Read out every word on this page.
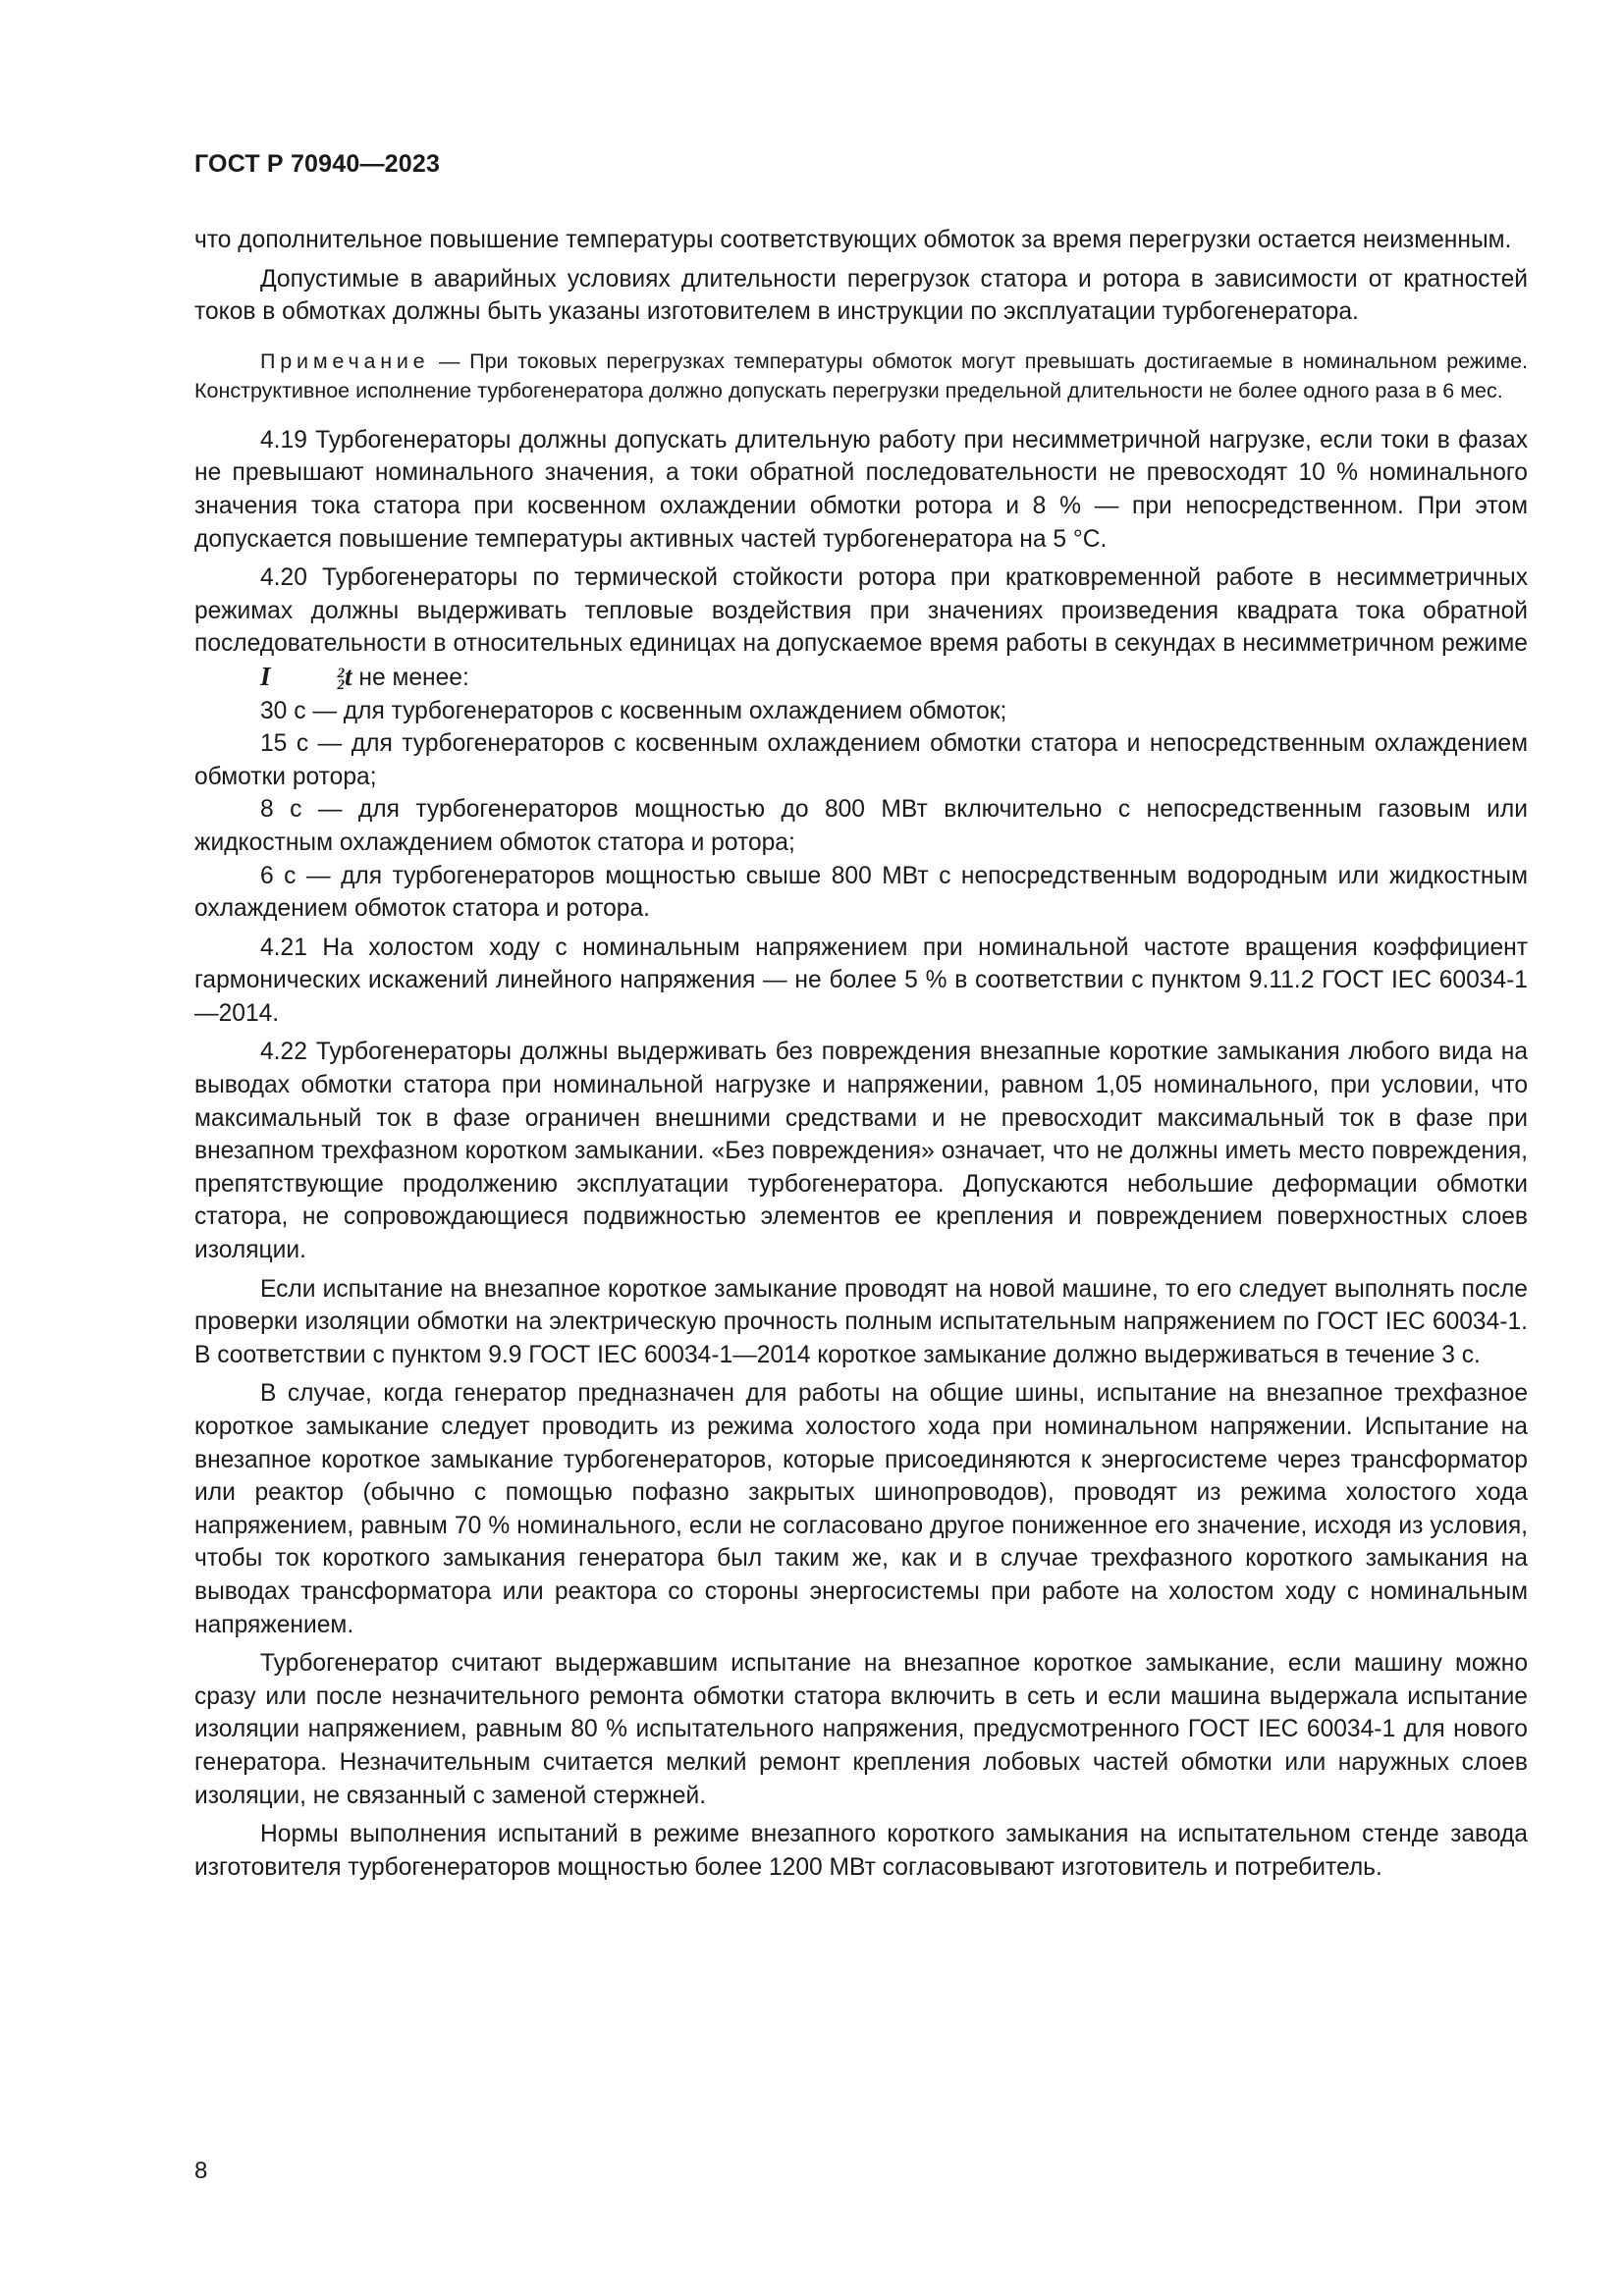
ГОСТ Р 70940—2023

что дополнительное повышение температуры соответствующих обмоток за время перегрузки остается неизменным.

Допустимые в аварийных условиях длительности перегрузок статора и ротора в зависимости от кратностей токов в обмотках должны быть указаны изготовителем в инструкции по эксплуатации турбогенератора.

Примечание — При токовых перегрузках температуры обмоток могут превышать достигаемые в номинальном режиме. Конструктивное исполнение турбогенератора должно допускать перегрузки предельной длительности не более одного раза в 6 мес.

4.19 Турбогенераторы должны допускать длительную работу при несимметричной нагрузке, если токи в фазах не превышают номинального значения, а токи обратной последовательности не превосходят 10 % номинального значения тока статора при косвенном охлаждении обмотки ротора и 8 % — при непосредственном. При этом допускается повышение температуры активных частей турбогенератора на 5 °С.

4.20 Турбогенераторы по термической стойкости ротора при кратковременной работе в несимметричных режимах должны выдерживать тепловые воздействия при значениях произведения квадрата тока обратной последовательности в относительных единицах на допускаемое время работы в секундах в несимметричном режиме I	2
2 t не менее:

30 с — для турбогенераторов с косвенным охлаждением обмоток;

15 с — для турбогенераторов с косвенным охлаждением обмотки статора и непосредственным охлаждением обмотки ротора;

8 с — для турбогенераторов мощностью до 800 МВт включительно с непосредственным газовым или жидкостным охлаждением обмоток статора и ротора;

6 с — для турбогенераторов мощностью свыше 800 МВт с непосредственным водородным или жидкостным охлаждением обмоток статора и ротора.

4.21 На холостом ходу с номинальным напряжением при номинальной частоте вращения коэффициент гармонических искажений линейного напряжения — не более 5 % в соответствии с пунктом 9.11.2 ГОСТ IEC 60034-1—2014.

4.22 Турбогенераторы должны выдерживать без повреждения внезапные короткие замыкания любого вида на выводах обмотки статора при номинальной нагрузке и напряжении, равном 1,05 номинального, при условии, что максимальный ток в фазе ограничен внешними средствами и не превосходит максимальный ток в фазе при внезапном трехфазном коротком замыкании. «Без повреждения» означает, что не должны иметь место повреждения, препятствующие продолжению эксплуатации турбогенератора. Допускаются небольшие деформации обмотки статора, не сопровождающиеся подвижностью элементов ее крепления и повреждением поверхностных слоев изоляции.

Если испытание на внезапное короткое замыкание проводят на новой машине, то его следует выполнять после проверки изоляции обмотки на электрическую прочность полным испытательным напряжением по ГОСТ IEC 60034-1. В соответствии с пунктом 9.9 ГОСТ IEC 60034-1—2014 короткое замыкание должно выдерживаться в течение 3 с.

В случае, когда генератор предназначен для работы на общие шины, испытание на внезапное трехфазное короткое замыкание следует проводить из режима холостого хода при номинальном напряжении. Испытание на внезапное короткое замыкание турбогенераторов, которые присоединяются к энергосистеме через трансформатор или реактор (обычно с помощью пофазно закрытых шинопроводов), проводят из режима холостого хода напряжением, равным 70 % номинального, если не согласовано другое пониженное его значение, исходя из условия, чтобы ток короткого замыкания генератора был таким же, как и в случае трехфазного короткого замыкания на выводах трансформатора или реактора со стороны энергосистемы при работе на холостом ходу с номинальным напряжением.

Турбогенератор считают выдержавшим испытание на внезапное короткое замыкание, если машину можно сразу или после незначительного ремонта обмотки статора включить в сеть и если машина выдержала испытание изоляции напряжением, равным 80 % испытательного напряжения, предусмотренного ГОСТ IEC 60034-1 для нового генератора. Незначительным считается мелкий ремонт крепления лобовых частей обмотки или наружных слоев изоляции, не связанный с заменой стержней.

Нормы выполнения испытаний в режиме внезапного короткого замыкания на испытательном стенде завода изготовителя турбогенераторов мощностью более 1200 МВт согласовывают изготовитель и потребитель.

8
